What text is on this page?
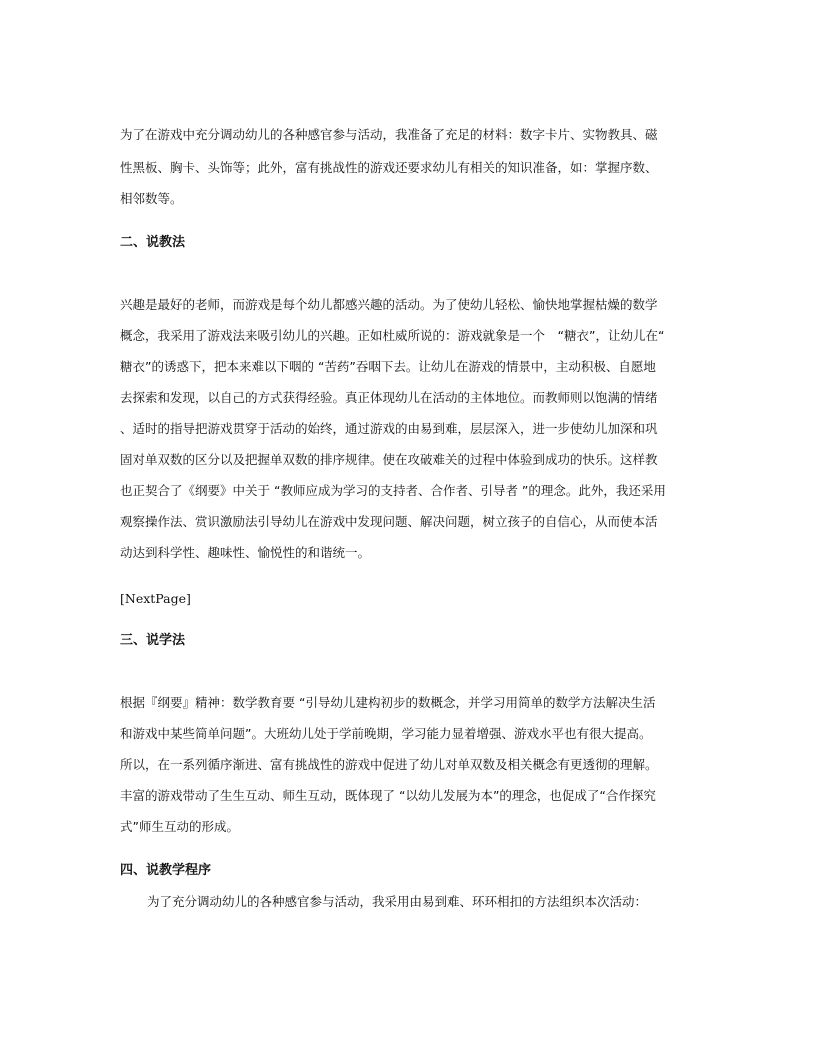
为了在游戏中充分调动幼儿的各种感官参与活动，我准备了充足的材料：数字卡片、实物教具、磁

性黑板、胸卡、头饰等；此外，富有挑战性的游戏还要求幼儿有相关的知识准备，如：掌握序数、

相邻数等。

二、说教法

兴趣是最好的老师，而游戏是每个幼儿都感兴趣的活动。为了使幼儿轻松、愉快地掌握枯燥的数学

概念，我采用了游戏法来吸引幼儿的兴趣。正如杜威所说的：游戏就象是一个　“糖衣”，让幼儿在“

糖衣”的诱惑下，把本来难以下咽的 “苦药”吞咽下去。让幼儿在游戏的情景中，主动积极、自愿地

去探索和发现，以自己的方式获得经验。真正体现幼儿在活动的主体地位。而教师则以饱满的情绪

、适时的指导把游戏贯穿于活动的始终，通过游戏的由易到难，层层深入，进一步使幼儿加深和巩

固对单双数的区分以及把握单双数的排序规律。使在攻破难关的过程中体验到成功的快乐。这样教

也正契合了《纲要》中关于 “教师应成为学习的支持者、合作者、引导者 ”的理念。此外，我还采用

观察操作法、赏识激励法引导幼儿在游戏中发现问题、解决问题，树立孩子的自信心，从而使本活

动达到科学性、趣味性、愉悦性的和谐统一。

[NextPage]

三、说学法

根据『纲要』精神：数学教育要 “引导幼儿建构初步的数概念，并学习用简单的数学方法解决生活

和游戏中某些简单问题”。大班幼儿处于学前晚期，学习能力显着增强、游戏水平也有很大提高。

所以，在一系列循序渐进、富有挑战性的游戏中促进了幼儿对单双数及相关概念有更透彻的理解。

丰富的游戏带动了生生互动、师生互动，既体现了 “以幼儿发展为本”的理念，也促成了“合作探究

式”师生互动的形成。

四、说教学程序

为了充分调动幼儿的各种感官参与活动，我采用由易到难、环环相扣的方法组织本次活动：
